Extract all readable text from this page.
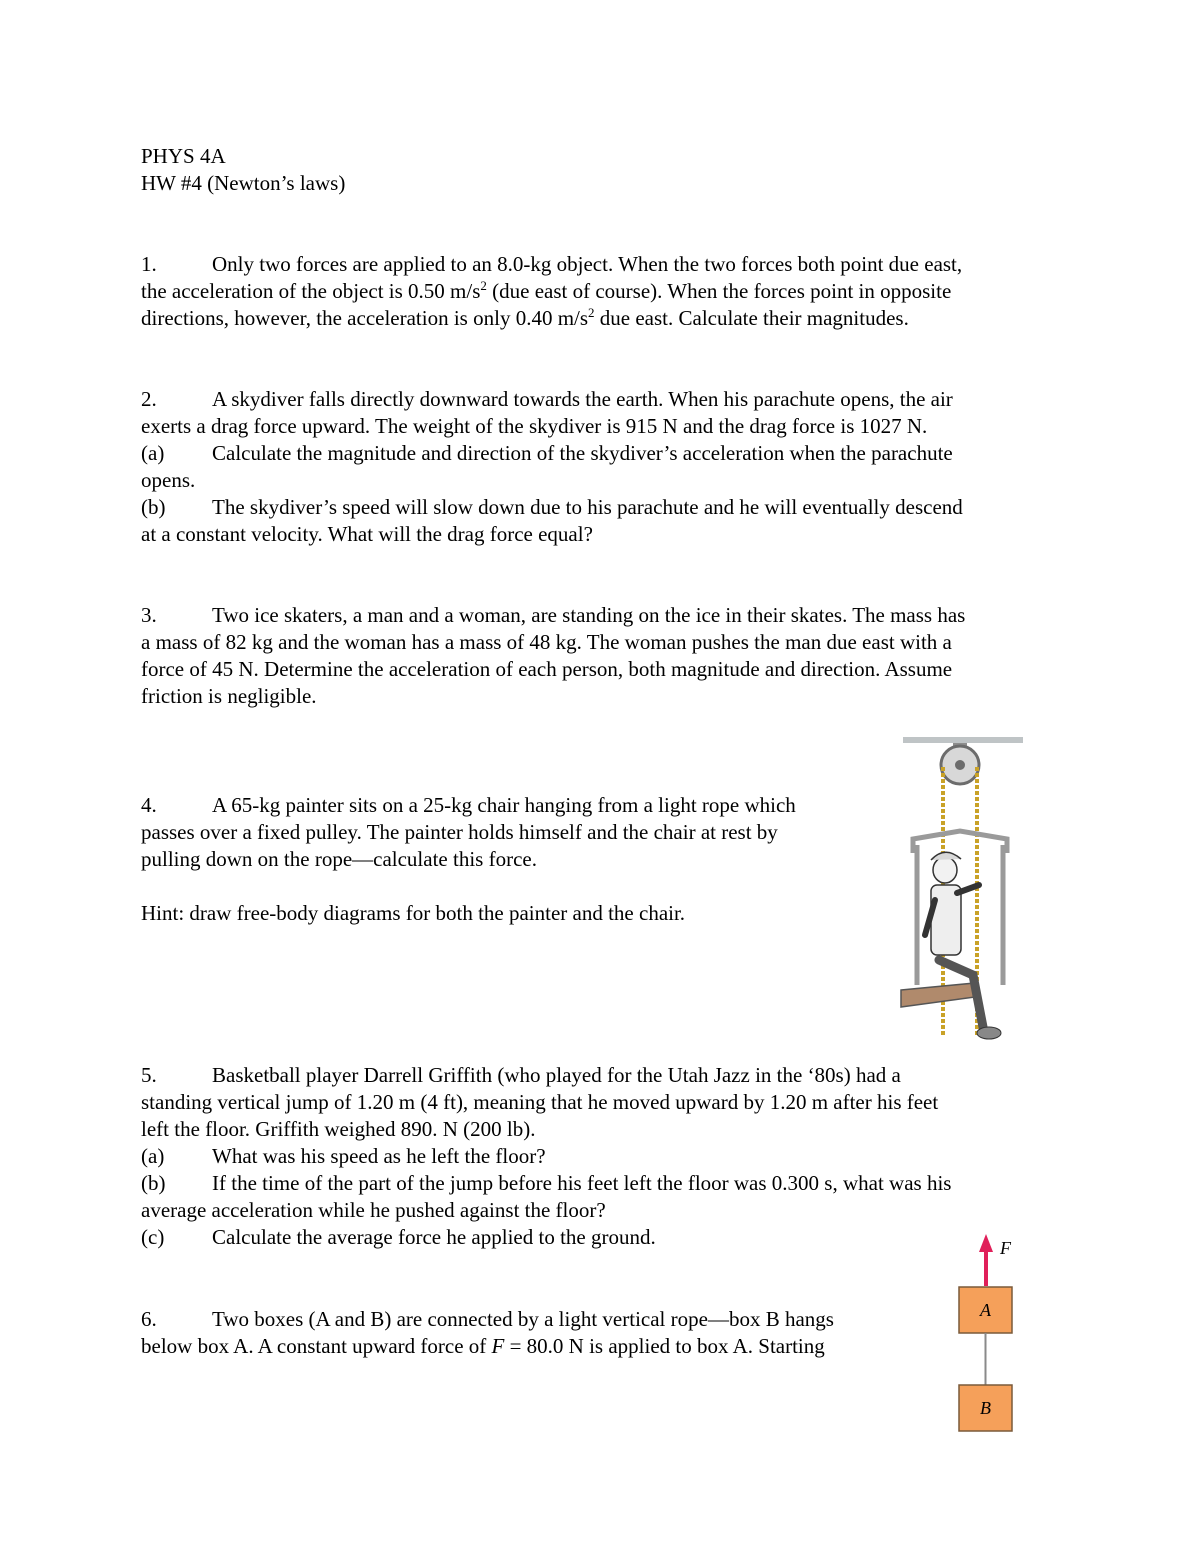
PHYS 4A
HW #4 (Newton’s laws)
1.	Only two forces are applied to an 8.0-kg object. When the two forces both point due east,
the acceleration of the object is 0.50 $m/s^2$ (due east of course). When the forces point in opposite
directions, however, the acceleration is only 0.40 $m/s^2$ due east. Calculate their magnitudes.
2.	A skydiver falls directly downward towards the earth. When his parachute opens, the air
exerts a drag force upward. The weight of the skydiver is 915 N and the drag force is 1027 N.
(a) Calculate the magnitude and direction of the skydiver’s acceleration when the parachute
opens.
(b) The skydiver’s speed will slow down due to his parachute and he will eventually descend
at a constant velocity. What will the drag force equal?
3.	Two ice skaters, a man and a woman, are standing on the ice in their skates. The mass has
a mass of 82 kg and the woman has a mass of 48 kg. The woman pushes the man due east with a
force of 45 N. Determine the acceleration of each person, both magnitude and direction. Assume
friction is negligible.
4.	A 65-kg painter sits on a 25-kg chair hanging from a light rope which
passes over a fixed pulley. The painter holds himself and the chair at rest by
pulling down on the rope—calculate this force.
Hint: draw free-body diagrams for both the painter and the chair.
5.	Basketball player Darrell Griffith (who played for the Utah Jazz in the ‘80s) had a
standing vertical jump of 1.20 m (4 ft), meaning that he moved upward by 1.20 m after his feet
left the floor. Griffith weighed 890. N (200 lb).
(a) What was his speed as he left the floor?
(b) If the time of the part of the jump before his feet left the floor was 0.300 s, what was his
average acceleration while he pushed against the floor?
(c) Calculate the average force he applied to the ground.
6.	Two boxes (A and B) are connected by a light vertical rope—box B hangs
below box A. A constant upward force of F = 80.0 N is applied to box A. Starting
F
A
B
